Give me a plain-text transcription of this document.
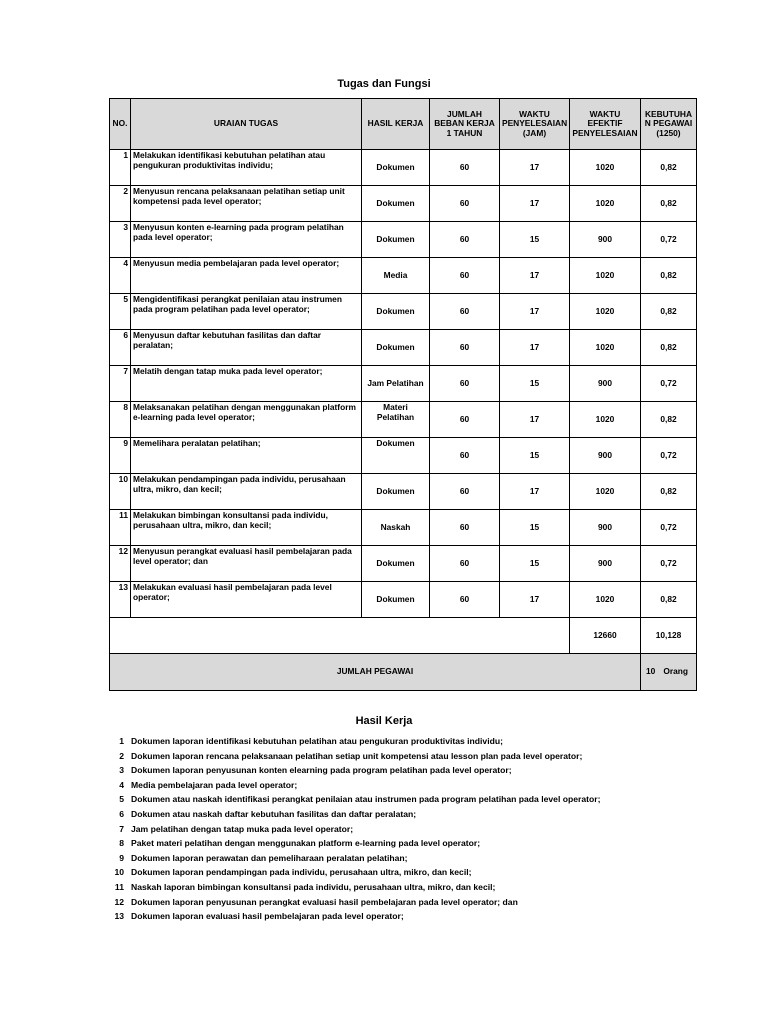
Tugas dan Fungsi
NO.	URAIAN TUGAS	HASIL KERJA	JUMLAH BEBAN KERJA 1 TAHUN	WAKTU PENYELESAIAN (JAM)	WAKTU EFEKTIF PENYELESAIAN	KEBUTUHA N PEGAWAI (1250)
1	Melakukan identifikasi kebutuhan pelatihan atau pengukuran produktivitas individu;	Dokumen	60	17	1020	0,82
2	Menyusun rencana pelaksanaan pelatihan setiap unit kompetensi pada level operator;	Dokumen	60	17	1020	0,82
3	Menyusun konten e-learning pada program pelatihan pada level operator;	Dokumen	60	15	900	0,72
4	Menyusun media pembelajaran pada level operator;	Media	60	17	1020	0,82
5	Mengidentifikasi perangkat penilaian atau instrumen pada program pelatihan pada level operator;	Dokumen	60	17	1020	0,82
6	Menyusun daftar kebutuhan fasilitas dan daftar peralatan;	Dokumen	60	17	1020	0,82
7	Melatih dengan tatap muka pada level operator;	Jam Pelatihan	60	15	900	0,72
8	Melaksanakan pelatihan dengan menggunakan platform e-learning pada level operator;	Materi Pelatihan	60	17	1020	0,82
9	Memelihara peralatan pelatihan;	Dokumen	60	15	900	0,72
10	Melakukan pendampingan pada individu, perusahaan ultra, mikro, dan kecil;	Dokumen	60	17	1020	0,82
11	Melakukan bimbingan konsultansi pada individu, perusahaan ultra, mikro, dan kecil;	Naskah	60	15	900	0,72
12	Menyusun perangkat evaluasi hasil pembelajaran pada level operator; dan	Dokumen	60	15	900	0,72
13	Melakukan evaluasi hasil pembelajaran pada level operator;	Dokumen	60	17	1020	0,82
					12660	10,128
JUMLAH PEGAWAI						10 Orang
Hasil Kerja
1 Dokumen laporan identifikasi kebutuhan pelatihan atau pengukuran produktivitas individu;
2 Dokumen laporan rencana pelaksanaan pelatihan setiap unit kompetensi atau lesson plan pada level operator;
3 Dokumen laporan penyusunan konten elearning pada program pelatihan pada level operator;
4 Media pembelajaran pada level operator;
5 Dokumen atau naskah identifikasi perangkat penilaian atau instrumen pada program pelatihan pada level operator;
6 Dokumen atau naskah daftar kebutuhan fasilitas dan daftar peralatan;
7 Jam pelatihan dengan tatap muka pada level operator;
8 Paket materi pelatihan dengan menggunakan platform e-learning pada level operator;
9 Dokumen laporan perawatan dan pemeliharaan peralatan pelatihan;
10 Dokumen laporan pendampingan pada individu, perusahaan ultra, mikro, dan kecil;
11 Naskah laporan bimbingan konsultansi pada individu, perusahaan ultra, mikro, dan kecil;
12 Dokumen laporan penyusunan perangkat evaluasi hasil pembelajaran pada level operator; dan
13 Dokumen laporan evaluasi hasil pembelajaran pada level operator;
